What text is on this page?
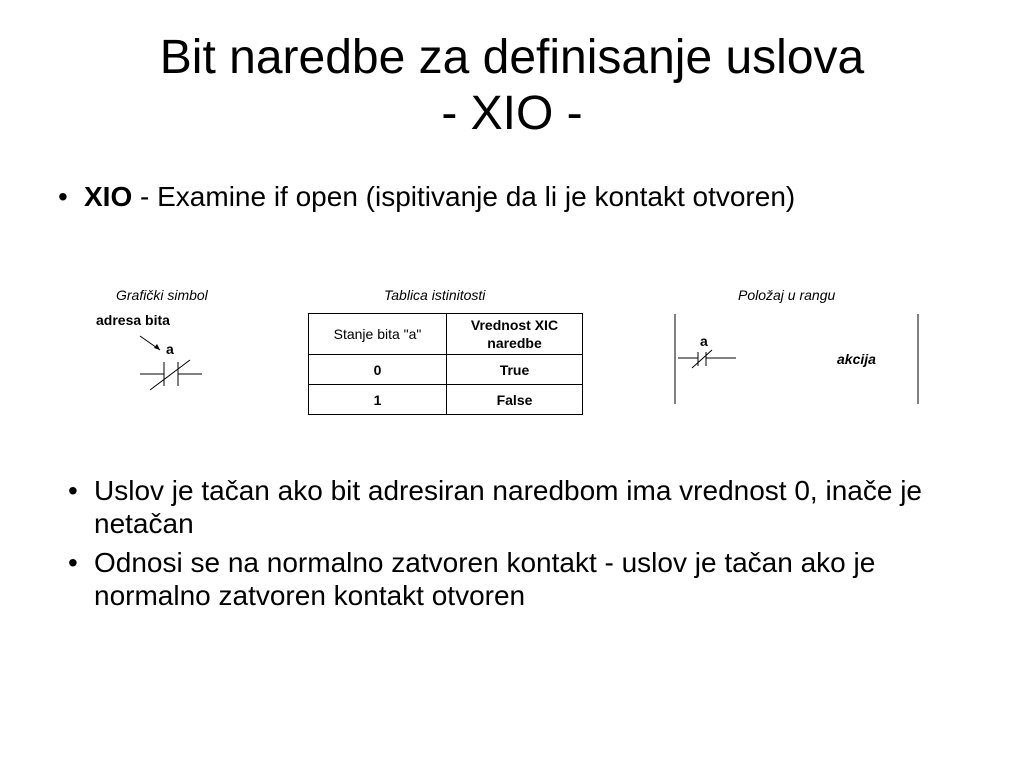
Bit naredbe za definisanje uslova
- XIO -
• XIO - Examine if open (ispitivanje da li je kontakt otvoren)
Grafički simbol
adresa bita
a
Tablica istinitosti
Stanje bita "a"	Vrednost XIC naredbe
0	True
1	False
Položaj u rangu
a
akcija
• Uslov je tačan ako bit adresiran naredbom ima vrednost 0, inače je netačan
• Odnosi se na normalno zatvoren kontakt - uslov je tačan ako je normalno zatvoren kontakt otvoren
